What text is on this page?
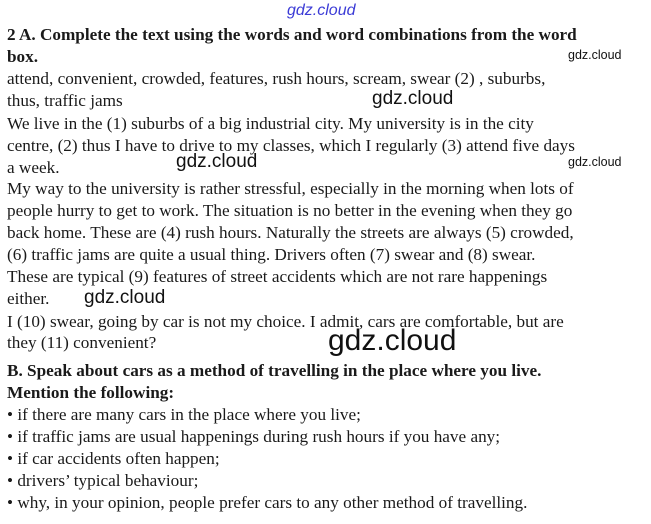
gdz.cloud
2 A. Complete the text using the words and word combinations from the word
box.	gdz.cloud
attend, convenient, crowded, features, rush hours, scream, swear (2) , suburbs,
thus, traffic jams	gdz.cloud
We live in the (1) suburbs of a big industrial city. My university is in the city
centre, (2) thus I have to drive to my classes, which I regularly (3) attend five days
a week.	gdz.cloud	gdz.cloud
My way to the university is rather stressful, especially in the morning when lots of
people hurry to get to work. The situation is no better in the evening when they go
back home. These are (4) rush hours. Naturally the streets are always (5) crowded,
(6) traffic jams are quite a usual thing. Drivers often (7) swear and (8) swear.
These are typical (9) features of street accidents which are not rare happenings
either. gdz.cloud
I (10) swear, going by car is not my choice. I admit, cars are comfortable, but are
they (11) convenient?	gdz.cloud
B. Speak about cars as a method of travelling in the place where you live.
Mention the following:
• if there are many cars in the place where you live;
• if traffic jams are usual happenings during rush hours if you have any;
• if car accidents often happen;
• drivers’ typical behaviour;
• why, in your opinion, people prefer cars to any other method of travelling.
